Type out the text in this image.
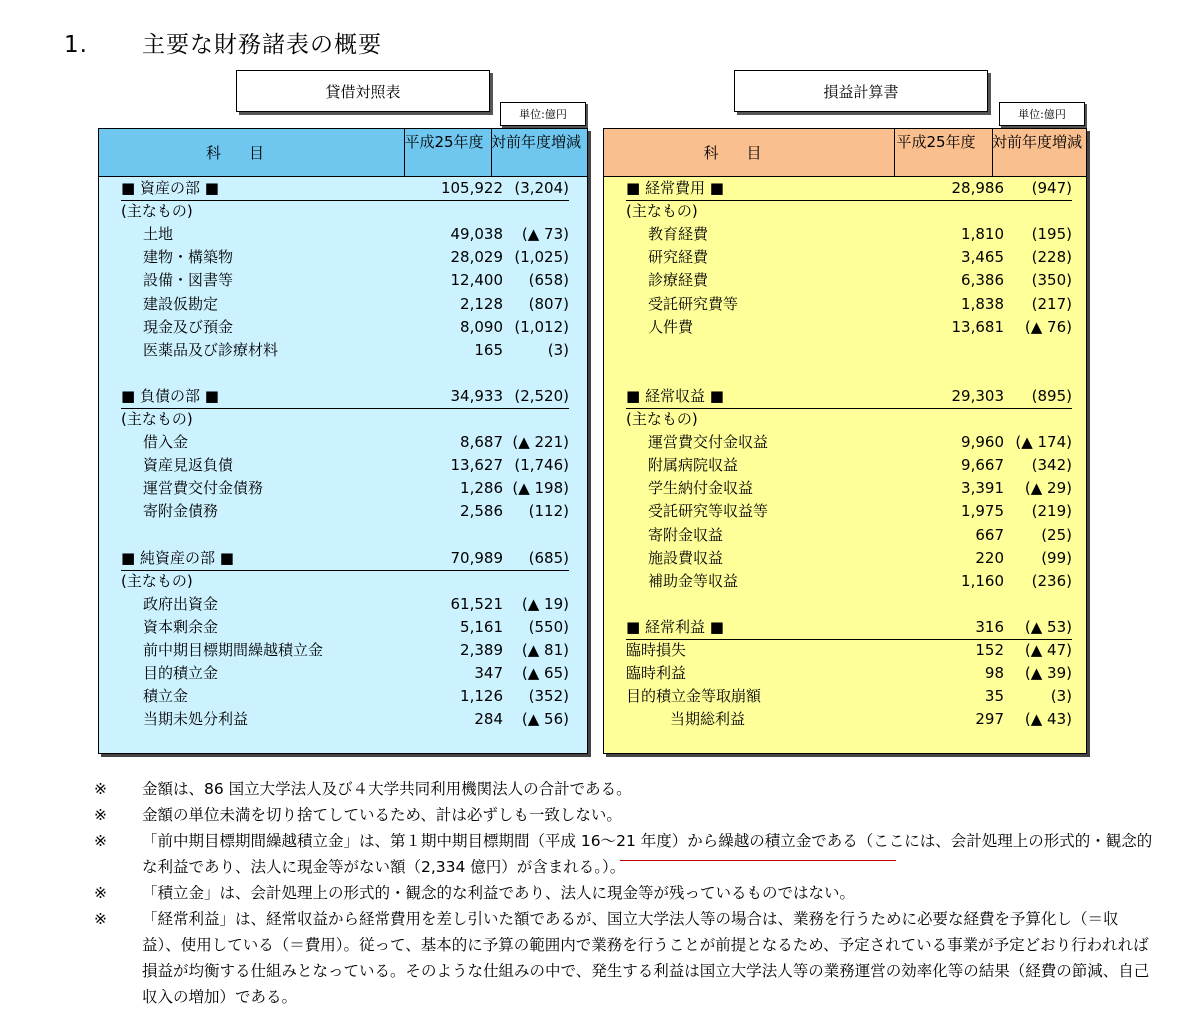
1. 主要な財務諸表の概要
貸借対照表
単位:億円
科目
平成25年度 対前年度増減
■ 資産の部 ■	105,922 (3,204)
(主なもの)
土地	49,038	(▲ 73)
建物・構築物	28,029 (1,025)
設備・図書等	12,400	(658)
建設仮勘定	2,128	(807)
現金及び預金	8,090 (1,012)
医薬品及び診療材料	165	(3)
■ 負債の部 ■	34,933 (2,520)
(主なもの)
借入金	8,687 (▲ 221)
資産見返負債	13,627 (1,746)
運営費交付金債務	1,286 (▲ 198)
寄附金債務	2,586	(112)
■ 純資産の部 ■	70,989	(685)
(主なもの)
政府出資金	61,521	(▲ 19)
資本剰余金	5,161	(550)
前中期目標期間繰越積立金	2,389	(▲ 81)
目的積立金	347	(▲ 65)
積立金	1,126	(352)
当期未処分利益	284	(▲ 56)
損益計算書
単位:億円
科目
平成25年度 対前年度増減
■ 経常費用 ■	28,986	(947)
(主なもの)
教育経費	1,810	(195)
研究経費	3,465	(228)
診療経費	6,386	(350)
受託研究費等	1,838	(217)
人件費	13,681	(▲ 76)
■ 経常収益 ■	29,303	(895)
(主なもの)
運営費交付金収益	9,960 (▲ 174)
附属病院収益	9,667	(342)
学生納付金収益	3,391	(▲ 29)
受託研究等収益等	1,975	(219)
寄附金収益	667	(25)
施設費収益	220	(99)
補助金等収益	1,160	(236)
■ 経常利益 ■	316	(▲ 53)
臨時損失	152	(▲ 47)
臨時利益	98	(▲ 39)
目的積立金等取崩額	35	(3)
当期総利益	297	(▲ 43)
※ 金額は、86 国立大学法人及び４大学共同利用機関法人の合計である。
※ 金額の単位未満を切り捨てしているため、計は必ずしも一致しない。
※ 「前中期目標期間繰越積立金」は、第１期中期目標期間（平成 16～21 年度）から繰越の積立金である（ここには、会計処理上の形式的・観念的な利益であり、法人に現金等がない額（2,334 億円）が含まれる。）。
※ 「積立金」は、会計処理上の形式的・観念的な利益であり、法人に現金等が残っているものではない。
※ 「経常利益」は、経常収益から経常費用を差し引いた額であるが、国立大学法人等の場合は、業務を行うために必要な経費を予算化し（＝収益）、使用している（＝費用）。従って、基本的に予算の範囲内で業務を行うことが前提となるため、予定されている事業が予定どおり行われれば損益が均衡する仕組みとなっている。そのような仕組みの中で、発生する利益は国立大学法人等の業務運営の効率化等の結果（経費の節減、自己収入の増加）である。
